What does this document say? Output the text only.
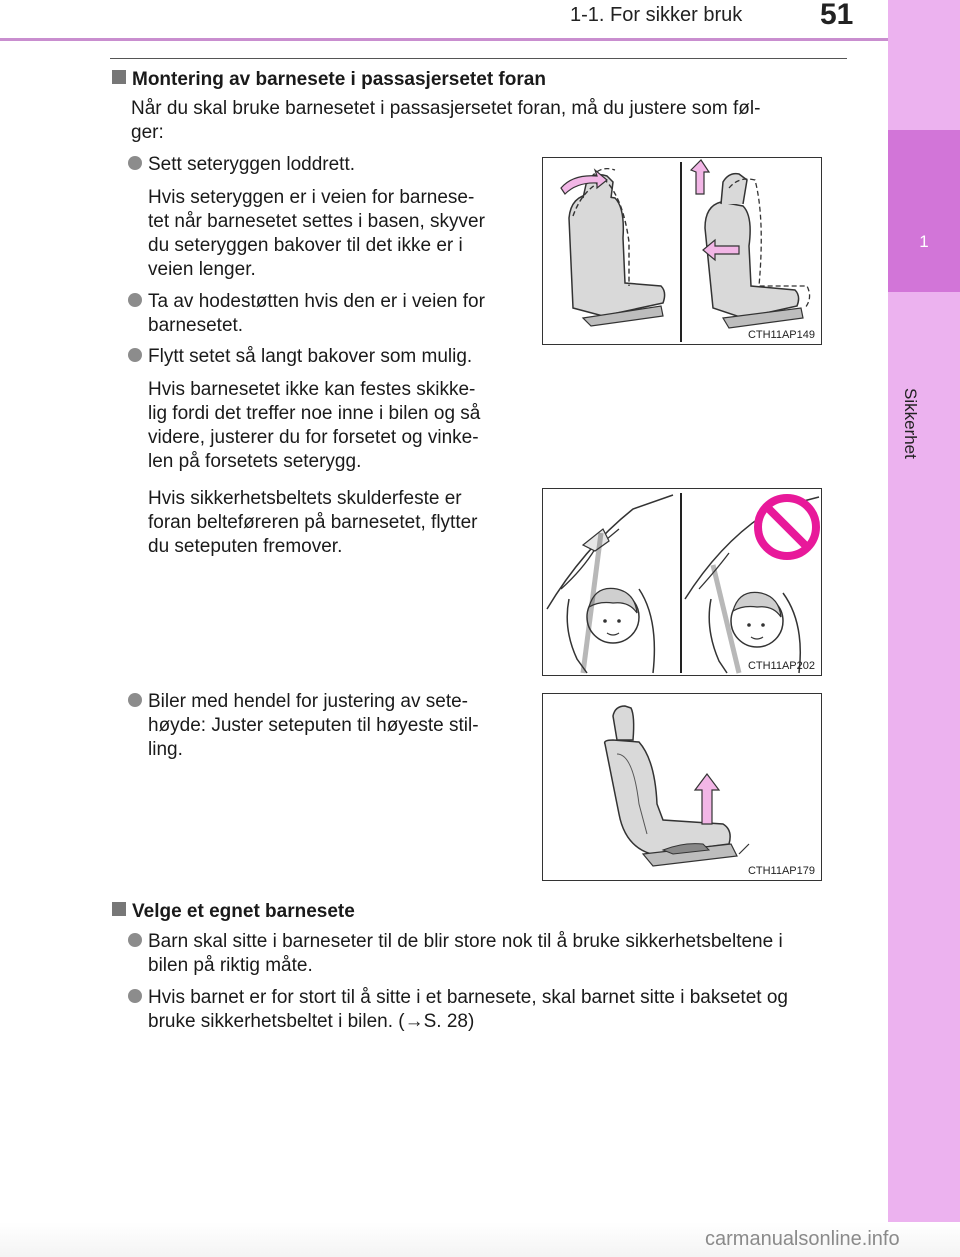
1-1. For sikker bruk	51
1
Sikkerhet
Montering av barnesete i passasjersetet foran
Når du skal bruke barnesetet i passasjersetet foran, må du justere som føl-
ger:
Sett seteryggen loddrett.
Hvis seteryggen er i veien for barnese-
tet når barnesetet settes i basen, skyver
du seteryggen bakover til det ikke er i
veien lenger.
Ta av hodestøtten hvis den er i veien for
barnesetet.
Flytt setet så langt bakover som mulig.
Hvis barnesetet ikke kan festes skikke-
lig fordi det treffer noe inne i bilen og så
videre, justerer du for forsetet og vinke-
len på forsetets seterygg.
Hvis sikkerhetsbeltets skulderfeste er
foran belteføreren på barnesetet, flytter
du seteputen fremover.
Biler med hendel for justering av sete-
høyde: Juster seteputen til høyeste stil-
ling.
CTH11AP149
CTH11AP202
CTH11AP179
Velge et egnet barnesete
Barn skal sitte i barneseter til de blir store nok til å bruke sikkerhetsbeltene i
bilen på riktig måte.
Hvis barnet er for stort til å sitte i et barnesete, skal barnet sitte i baksetet og
bruke sikkerhetsbeltet i bilen. (→S. 28)
carmanualsonline.info
